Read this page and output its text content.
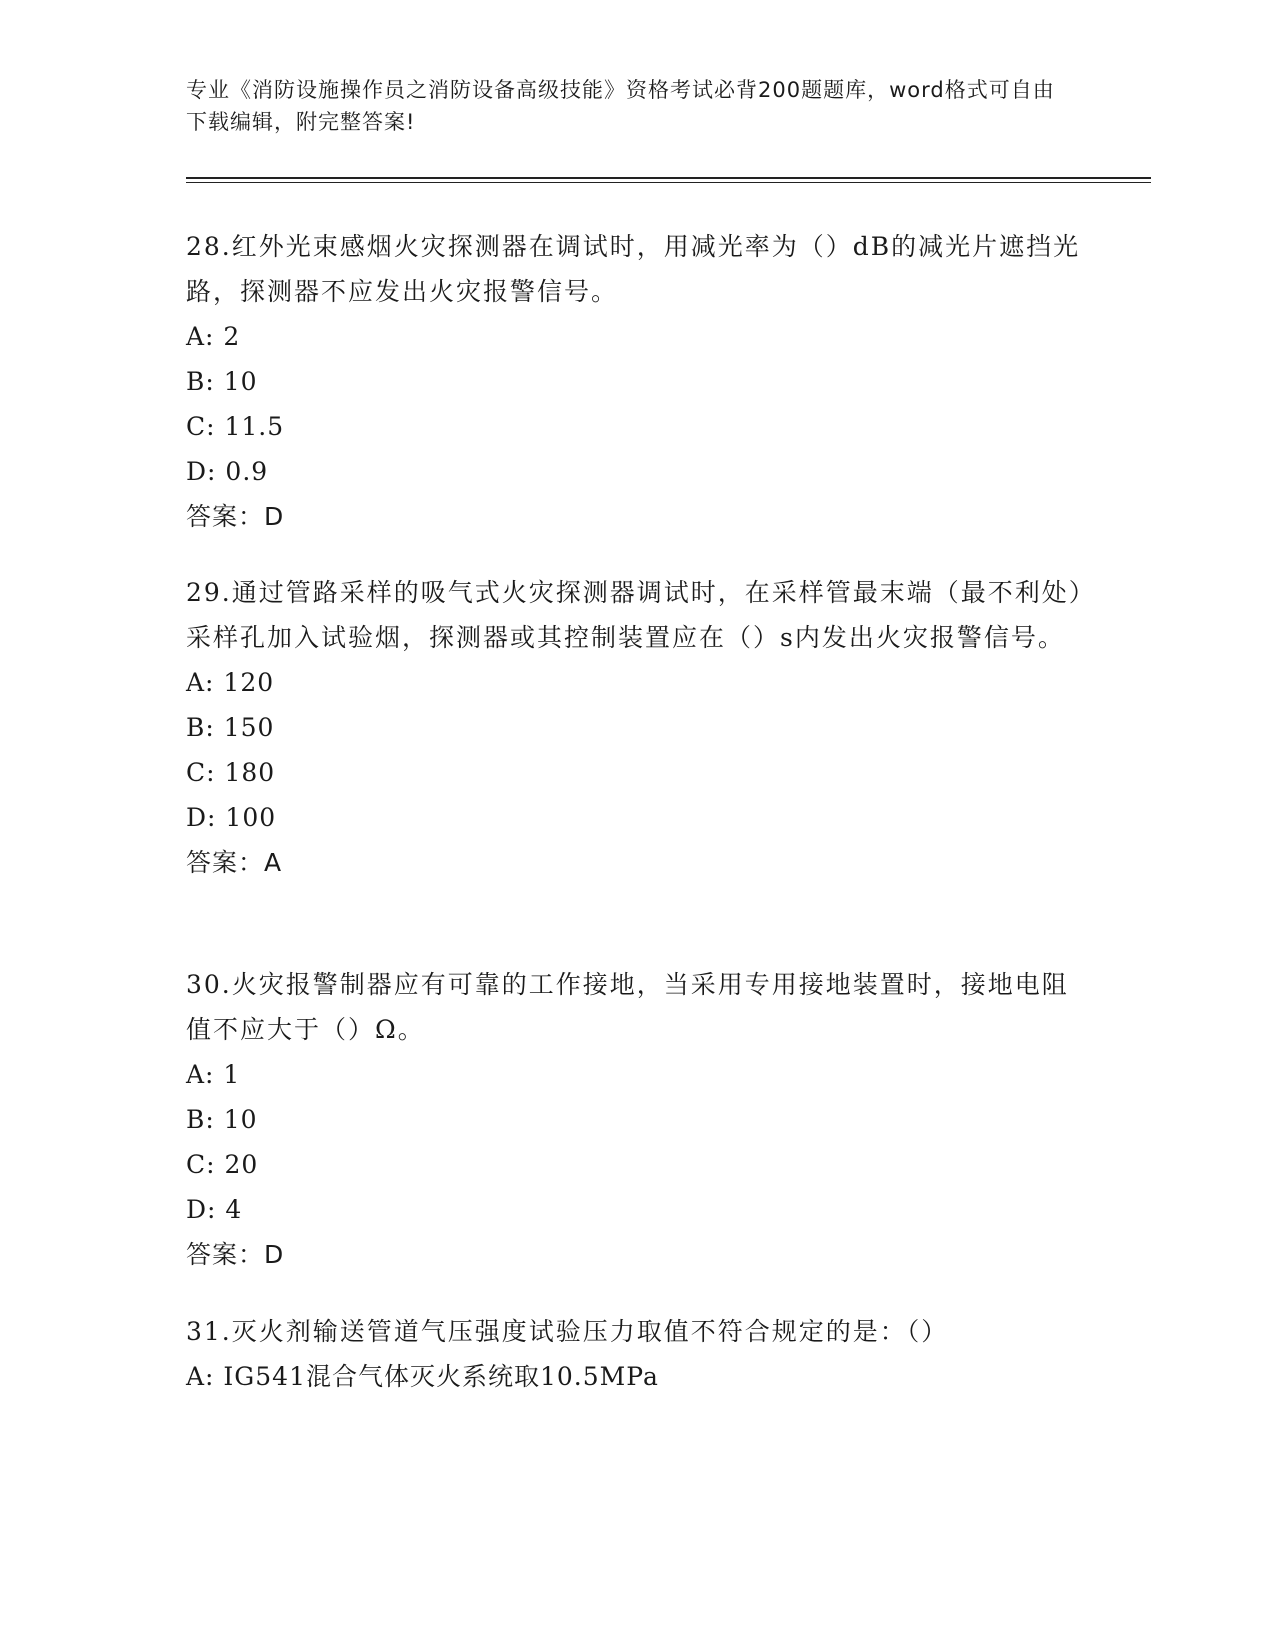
专业《消防设施操作员之消防设备高级技能》资格考试必背200题题库，word格式可自由下载编辑，附完整答案!

28.红外光束感烟火灾探测器在调试时，用减光率为（）dB的减光片遮挡光路，探测器不应发出火灾报警信号。

A: 2

B: 10

C: 11.5

D: 0.9

答案：D

29.通过管路采样的吸气式火灾探测器调试时，在采样管最末端（最不利处）采样孔加入试验烟，探测器或其控制装置应在（）s内发出火灾报警信号。

A: 120

B: 150

C: 180

D: 100

答案：A

30.火灾报警制器应有可靠的工作接地，当采用专用接地装置时，接地电阻值不应大于（）Ω。

A: 1

B: 10

C: 20

D: 4

答案：D

31.灭火剂输送管道气压强度试验压力取值不符合规定的是：（）

A: IG541混合气体灭火系统取10.5MPa
